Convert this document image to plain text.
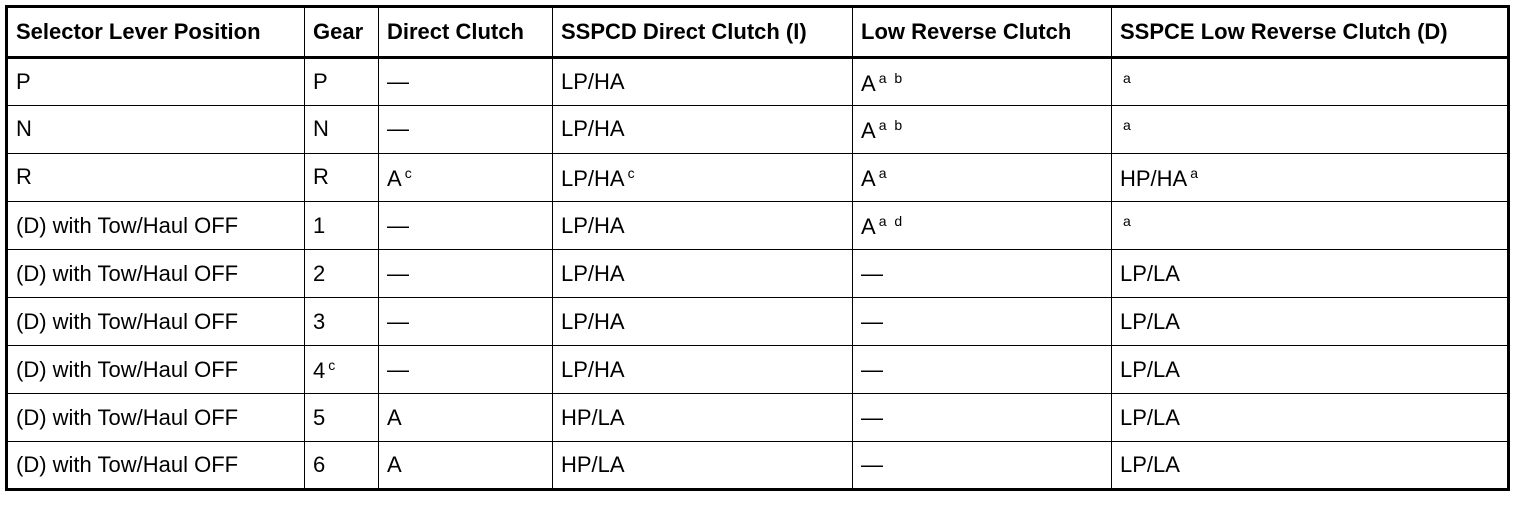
Selector Lever Position	Gear	Direct Clutch	SSPCD Direct Clutch (I)	Low Reverse Clutch	SSPCE Low Reverse Clutch (D)
P	P	—	LP/HA	A $^{a b}$	$^a$
N	N	—	LP/HA	A $^{a b}$	$^a$
R	R	A $^c$	LP/HA $^c$	A $^a$	HP/HA $^a$
(D) with Tow/Haul OFF	1	—	LP/HA	A $^{a d}$	$^a$
(D) with Tow/Haul OFF	2	—	LP/HA	—	LP/LA
(D) with Tow/Haul OFF	3	—	LP/HA	—	LP/LA
(D) with Tow/Haul OFF	4 $^c$	—	LP/HA	—	LP/LA
(D) with Tow/Haul OFF	5	A	HP/LA	—	LP/LA
(D) with Tow/Haul OFF	6	A	HP/LA	—	LP/LA
